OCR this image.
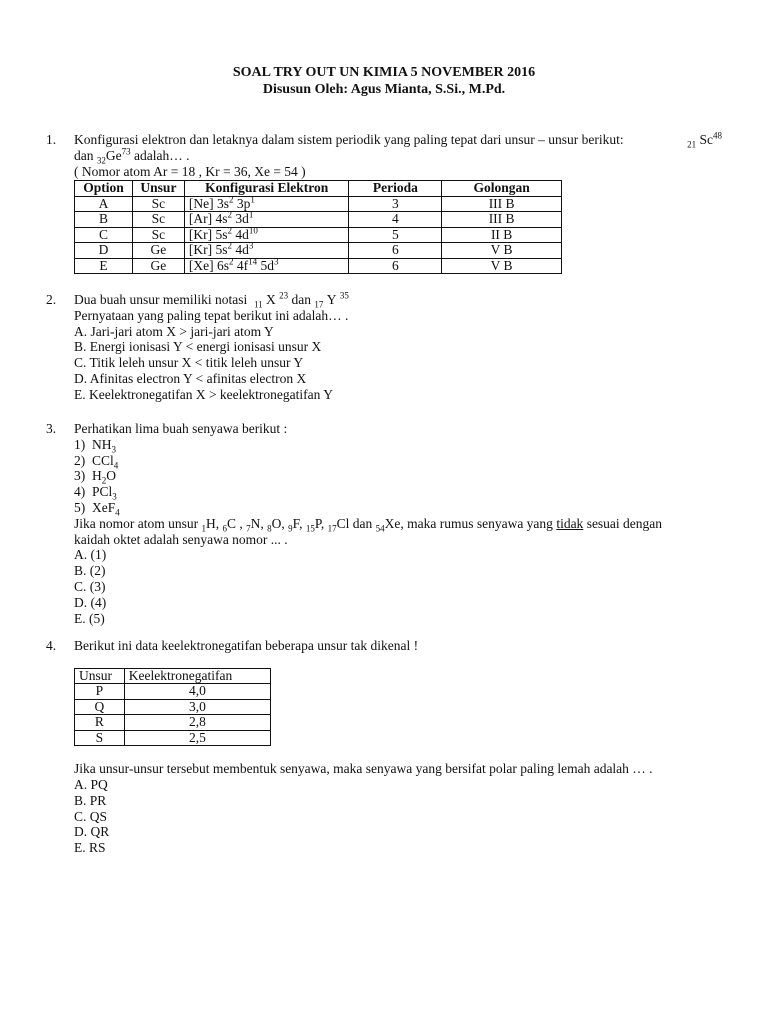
SOAL TRY OUT UN KIMIA 5 NOVEMBER 2016
Disusun Oleh: Agus Mianta, S.Si., M.Pd.
1. Konfigurasi elektron dan letaknya dalam sistem periodik yang paling tepat dari unsur – unsur berikut:	$_{21}$ Sc$^{48}$
dan $_{32}Ge^{73}$ adalah… .
( Nomor atom Ar = 18 , Kr = 36, Xe = 54 )
Option	Unsur	Konfigurasi Elektron	Perioda	Golongan
A	Sc	[Ne] $3s^2$ $3p^1$	3	III B
B	Sc	[Ar] $4s^2$ $3d^1$	4	III B
C	Sc	[Kr] $5s^2$ $4d^{10}$	5	II B
D	Ge	[Kr] $5s^2$ $4d^3$	6	V B
E	Ge	[Xe] $6s^2$ $4f^{14}$ $5d^3$	6	V B
2. Dua buah unsur memiliki notasi $_{11}$ X $^{23}$ dan $_{17}$ Y $^{35}$
Pernyataan yang paling tepat berikut ini adalah… .
A. Jari-jari atom X > jari-jari atom Y
B. Energi ionisasi Y < energi ionisasi unsur X
C. Titik leleh unsur X < titik leleh unsur Y
D. Afinitas electron Y < afinitas electron X
E. Keelektronegatifan X > keelektronegatifan Y
3. Perhatikan lima buah senyawa berikut :
1)  $NH_3$
2)  CCl$_4$
3)  $H_2O$
4)  PCl$_3$
5)  XeF$_4$
Jika nomor atom unsur $_1$H, $_6$C , $_7$N, $_8$O, $_9$F, $_{15}$P, $_{17}$Cl dan $_{54}$Xe, maka rumus senyawa yang tidak sesuai dengan
kaidah oktet adalah senyawa nomor ... .
A. (1)
B. (2)
C. (3)
D. (4)
E. (5)
4. Berikut ini data keelektronegatifan beberapa unsur tak dikenal !
Unsur	Keelektronegatifan
P	4,0
Q	3,0
R	2,8
S	2,5
Jika unsur-unsur tersebut membentuk senyawa, maka senyawa yang bersifat polar paling lemah adalah … .
A. PQ
B. PR
C. QS
D. QR
E. RS
